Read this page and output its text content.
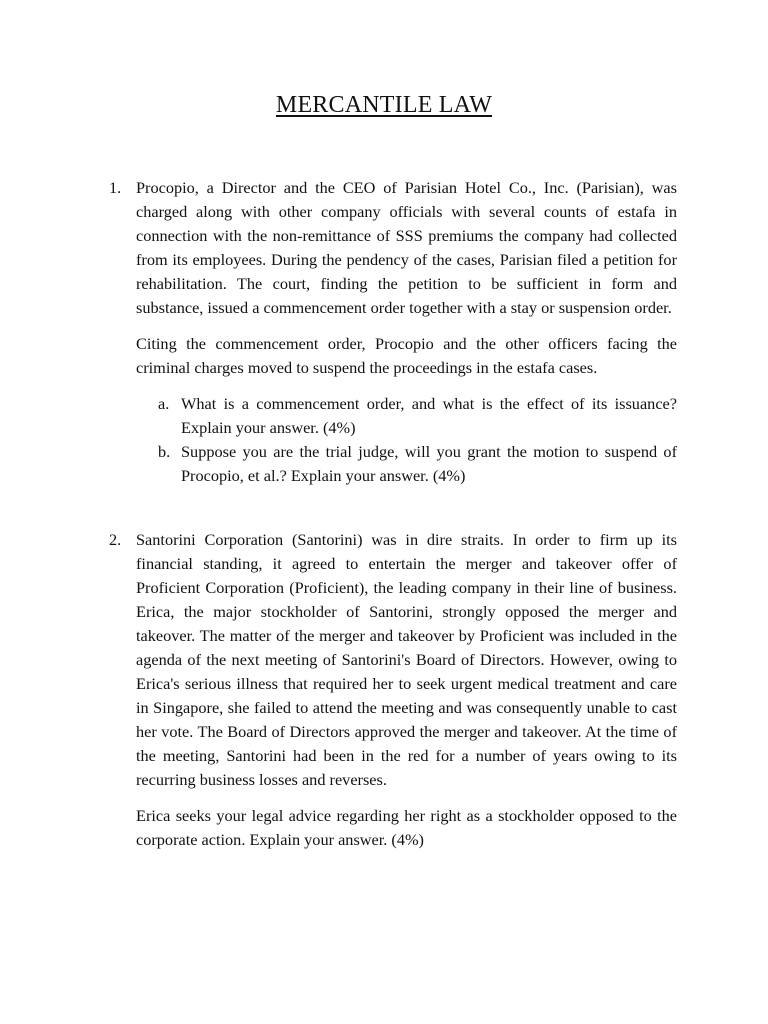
MERCANTILE LAW
1. Procopio, a Director and the CEO of Parisian Hotel Co., Inc. (Parisian), was charged along with other company officials with several counts of estafa in connection with the non-remittance of SSS premiums the company had collected from its employees. During the pendency of the cases, Parisian filed a petition for rehabilitation. The court, finding the petition to be sufficient in form and substance, issued a commencement order together with a stay or suspension order.

Citing the commencement order, Procopio and the other officers facing the criminal charges moved to suspend the proceedings in the estafa cases.

a. What is a commencement order, and what is the effect of its issuance? Explain your answer. (4%)
b. Suppose you are the trial judge, will you grant the motion to suspend of Procopio, et al.? Explain your answer. (4%)
2. Santorini Corporation (Santorini) was in dire straits. In order to firm up its financial standing, it agreed to entertain the merger and takeover offer of Proficient Corporation (Proficient), the leading company in their line of business. Erica, the major stockholder of Santorini, strongly opposed the merger and takeover. The matter of the merger and takeover by Proficient was included in the agenda of the next meeting of Santorini's Board of Directors. However, owing to Erica's serious illness that required her to seek urgent medical treatment and care in Singapore, she failed to attend the meeting and was consequently unable to cast her vote. The Board of Directors approved the merger and takeover. At the time of the meeting, Santorini had been in the red for a number of years owing to its recurring business losses and reverses.

Erica seeks your legal advice regarding her right as a stockholder opposed to the corporate action. Explain your answer. (4%)
